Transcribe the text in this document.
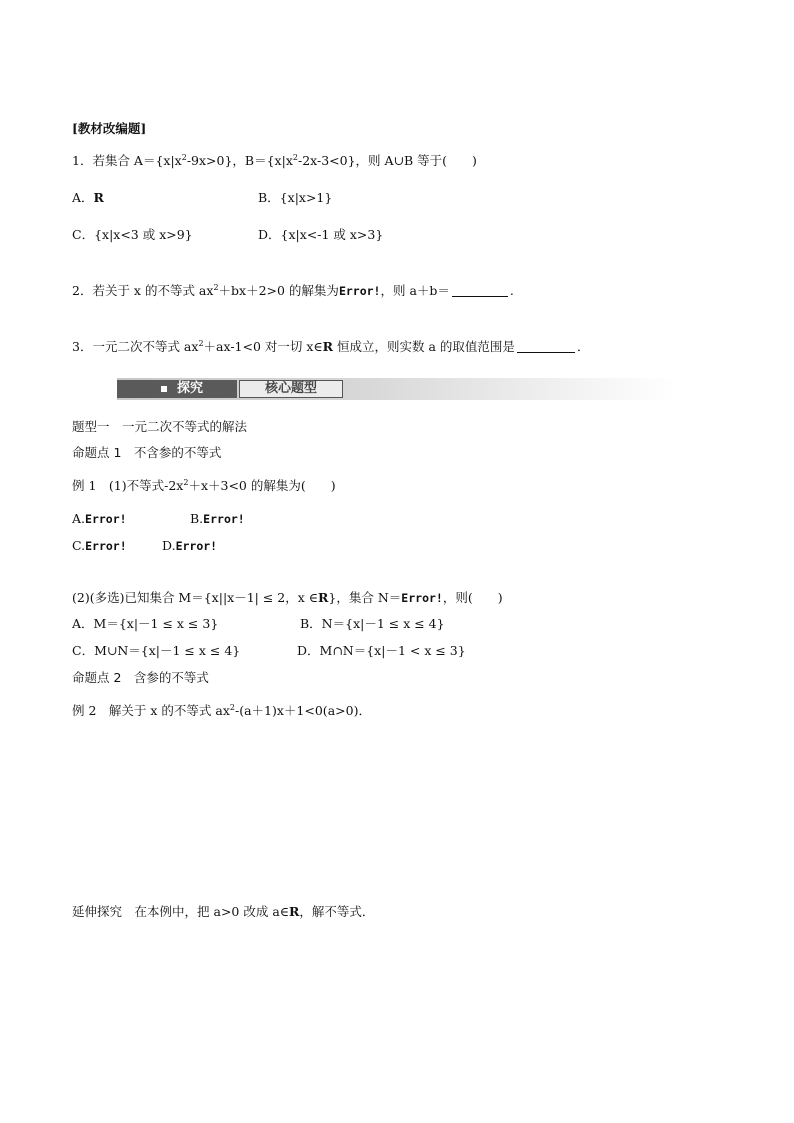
[教材改编题]
1．若集合 $A=\{x|x^2-9x>0\}$，$B=\{x|x^2-2x-3<0\}$，则 A∪B 等于(　　)
A．R	B．{x|x>1}
C．{x|x<3 或 x>9}	D．{x|x<-1 或 x>3}
2．若关于 x 的不等式 $ax^2+bx+2>0$ 的解集为Error!，则 a＋b＝	.
3．一元二次不等式 $ax^2+ax-1<0$ 对一切 x∈R 恒成立，则实数 a 的取值范围是	．
探究	核心题型
题型一　一元二次不等式的解法
命题点 1　不含参的不等式
例 1　(1)不等式$-2x^2+x+3<0$ 的解集为(　　)
A.Error!	B.Error!
C.Error!	D.Error!
(2)(多选)已知集合 M＝{x||x－1| ≤ 2，x ∈R}，集合 N＝Error!，则(　　)
A．M＝{x|－1 ≤ x ≤ 3}	B．N＝{x|－1 ≤ x ≤ 4}
C．M∪N＝{x|－1 ≤ x ≤ 4}	D．M∩N＝{x|－1 < x ≤ 3}
命题点 2　含参的不等式
例 2　解关于 x 的不等式 $ax^2-(a+1)x+1<0(a>0)$．
延伸探究　在本例中，把 a>0 改成 a∈R，解不等式．
